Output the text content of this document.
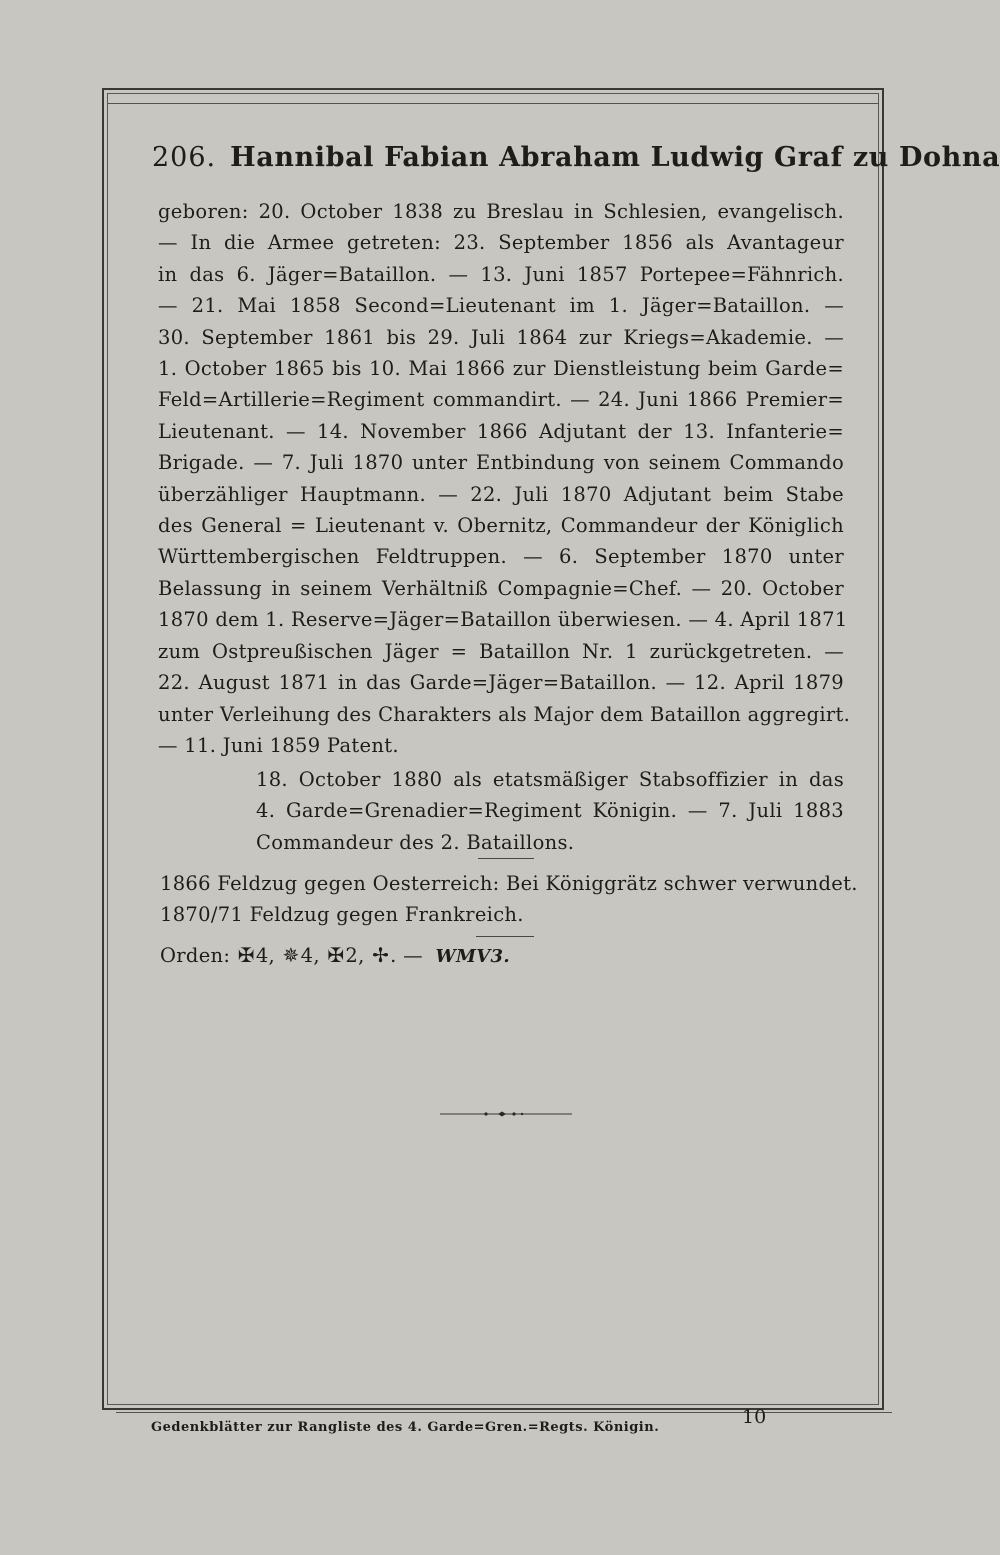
206. Hannibal Fabian Abraham Ludwig Graf zu Dohna
geboren: 20. October 1838 zu Breslau in Schlesien, evangelisch.
— In die Armee getreten: 23. September 1856 als Avantageur
in das 6. Jäger=Bataillon. — 13. Juni 1857 Portepee=Fähnrich.
— 21. Mai 1858 Second=Lieutenant im 1. Jäger=Bataillon. —
30. September 1861 bis 29. Juli 1864 zur Kriegs=Akademie. —
1. October 1865 bis 10. Mai 1866 zur Dienstleistung beim Garde=
Feld=Artillerie=Regiment commandirt. — 24. Juni 1866 Premier=
Lieutenant. — 14. November 1866 Adjutant der 13. Infanterie=
Brigade. — 7. Juli 1870 unter Entbindung von seinem Commando
überzähliger Hauptmann. — 22. Juli 1870 Adjutant beim Stabe
des General = Lieutenant v. Obernitz, Commandeur der Königlich
Württembergischen Feldtruppen. — 6. September 1870 unter
Belassung in seinem Verhältniß Compagnie=Chef. — 20. October
1870 dem 1. Reserve=Jäger=Bataillon überwiesen. — 4. April 1871
zum Ostpreußischen Jäger = Bataillon Nr. 1 zurückgetreten. —
22. August 1871 in das Garde=Jäger=Bataillon. — 12. April 1879
unter Verleihung des Charakters als Major dem Bataillon aggregirt.
— 11. Juni 1859 Patent.
18. October 1880 als etatsmäßiger Stabsoffizier in das
4. Garde=Grenadier=Regiment Königin. — 7. Juli 1883
Commandeur des 2. Bataillons.
1866 Feldzug gegen Oesterreich: Bei Königgrätz schwer verwundet.
1870/71 Feldzug gegen Frankreich.
Orden: ✠4, ✵4, ✠2, ✢. — WMV3.
Gedenkblätter zur Rangliste des 4. Garde=Gren.=Regts. Königin.	10
